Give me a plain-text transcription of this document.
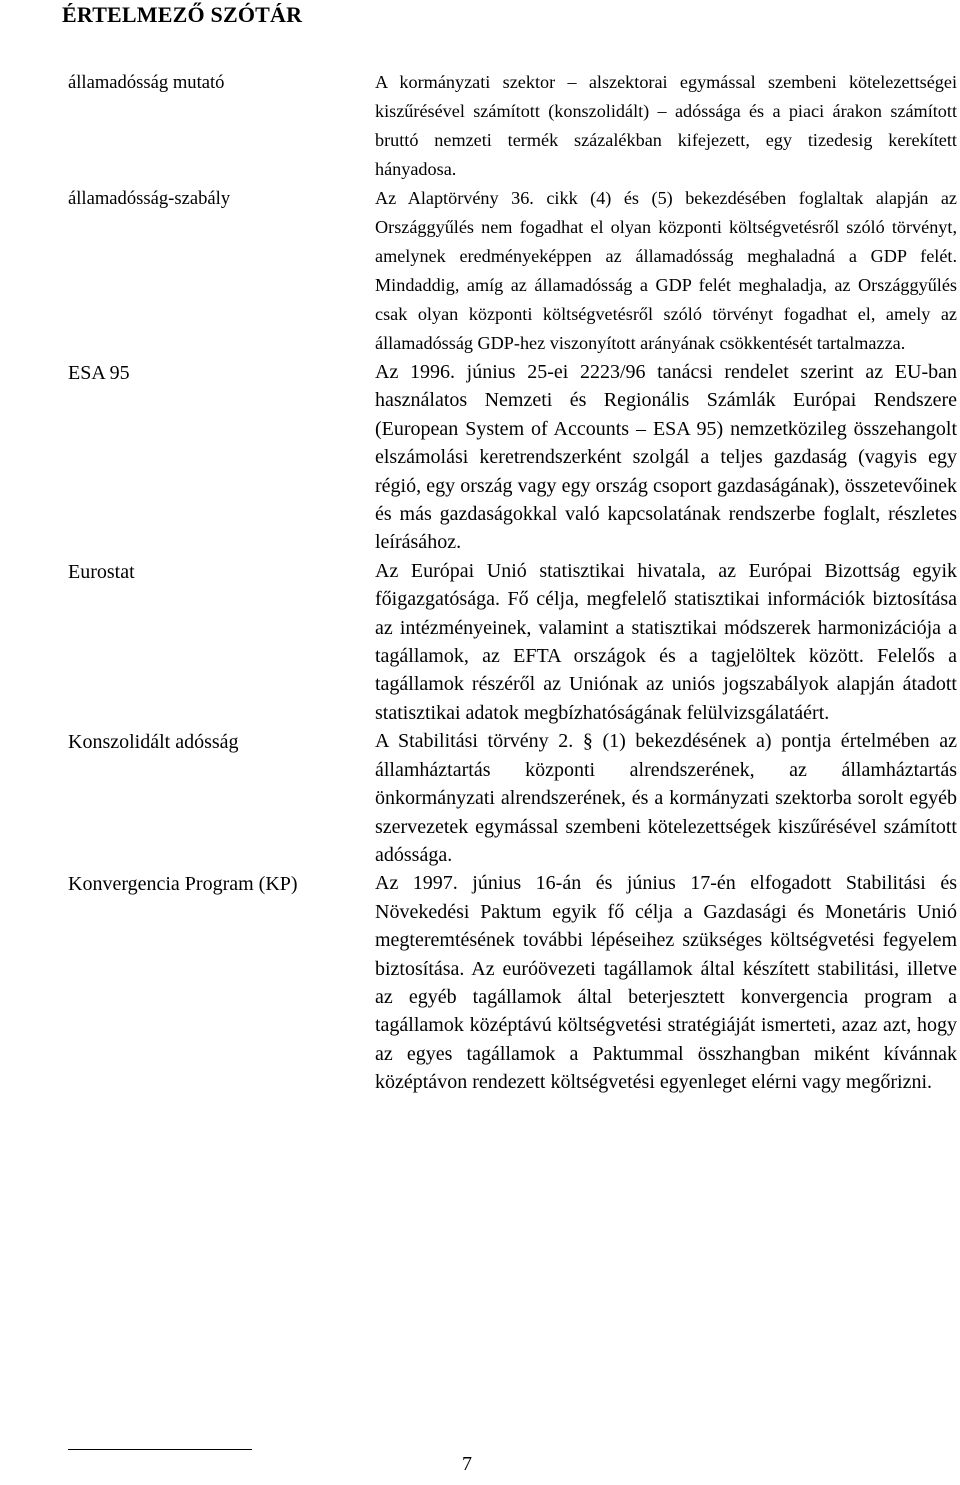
ÉRTELMEZŐ SZÓTÁR
államadósság mutató	A kormányzati szektor – alszektorai egymással szembeni kötelezettségei kiszűrésével számított (konszolidált) – adóssága és a piaci árakon számított bruttó nemzeti termék százalékban kifejezett, egy tizedesig kerekített hányadosa.

államadósság-szabály	Az Alaptörvény 36. cikk (4) és (5) bekezdésében foglaltak alapján az Országgyűlés nem fogadhat el olyan központi költségvetésről szóló törvényt, amelynek eredményeképpen az államadósság meghaladná a GDP felét. Mindaddig, amíg az államadósság a GDP felét meghaladja, az Országgyűlés csak olyan központi költségvetésről szóló törvényt fogadhat el, amely az államadósság GDP-hez viszonyított arányának csökkentését tartalmazza.

ESA 95	Az 1996. június 25-ei 2223/96 tanácsi rendelet szerint az EU-ban használatos Nemzeti és Regionális Számlák Európai Rendszere (European System of Accounts – ESA 95) nemzetközileg összehangolt elszámolási keretrendszerként szolgál a teljes gazdaság (vagyis egy régió, egy ország vagy egy ország csoport gazdaságának), összetevőinek és más gazdaságokkal való kapcsolatának rendszerbe foglalt, részletes leírásához.

Eurostat	Az Európai Unió statisztikai hivatala, az Európai Bizottság egyik főigazgatósága. Fő célja, megfelelő statisztikai információk biztosítása az intézményeinek, valamint a statisztikai módszerek harmonizációja a tagállamok, az EFTA országok és a tagjelöltek között. Felelős a tagállamok részéről az Uniónak az uniós jogszabályok alapján átadott statisztikai adatok megbízhatóságának felülvizsgálatáért.

Konszolidált adósság	A Stabilitási törvény 2. § (1) bekezdésének a) pontja értelmében az államháztartás központi alrendszerének, az államháztartás önkormányzati alrendszerének, és a kormányzati szektorba sorolt egyéb szervezetek egymással szembeni kötelezettségek kiszűrésével számított adóssága.

Konvergencia Program (KP)	Az 1997. június 16-án és június 17-én elfogadott Stabilitási és Növekedési Paktum egyik fő célja a Gazdasági és Monetáris Unió megteremtésének további lépéseihez szükséges költségvetési fegyelem biztosítása. Az euróövezeti tagállamok által készített stabilitási, illetve az egyéb tagállamok által beterjesztett konvergencia program a tagállamok középtávú költségvetési stratégiáját ismerteti, azaz azt, hogy az egyes tagállamok a Paktummal összhangban miként kívánnak középtávon rendezett költségvetési egyenleget elérni vagy megőrizni.

7
